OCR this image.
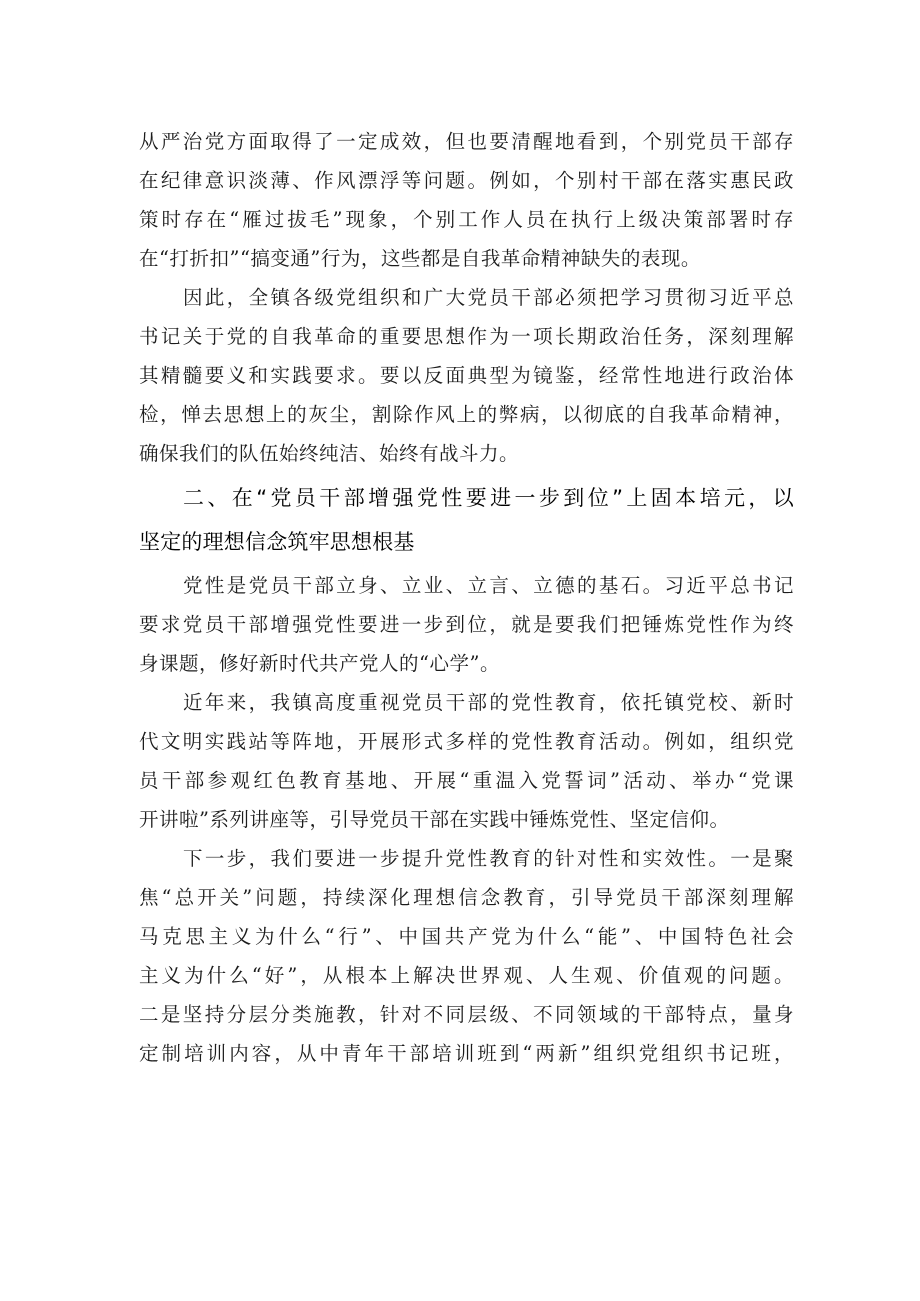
从严治党方面取得了一定成效，但也要清醒地看到，个别党员干部存
在纪律意识淡薄、作风漂浮等问题。例如，个别村干部在落实惠民政
策时存在“雁过拔毛”现象，个别工作人员在执行上级决策部署时存
在“打折扣”“搞变通”行为，这些都是自我革命精神缺失的表现。
因此，全镇各级党组织和广大党员干部必须把学习贯彻习近平总
书记关于党的自我革命的重要思想作为一项长期政治任务，深刻理解
其精髓要义和实践要求。要以反面典型为镜鉴，经常性地进行政治体
检，惮去思想上的灰尘，割除作风上的弊病，以彻底的自我革命精神，
确保我们的队伍始终纯洁、始终有战斗力。
二、在“党员干部增强党性要进一步到位”上固本培元，以
坚定的理想信念筑牢思想根基
党性是党员干部立身、立业、立言、立德的基石。习近平总书记
要求党员干部增强党性要进一步到位，就是要我们把锤炼党性作为终
身课题，修好新时代共产党人的“心学”。
近年来，我镇高度重视党员干部的党性教育，依托镇党校、新时
代文明实践站等阵地，开展形式多样的党性教育活动。例如，组织党
员干部参观红色教育基地、开展“重温入党誓词”活动、举办“党课
开讲啦”系列讲座等，引导党员干部在实践中锤炼党性、坚定信仰。
下一步，我们要进一步提升党性教育的针对性和实效性。一是聚
焦“总开关”问题，持续深化理想信念教育，引导党员干部深刻理解
马克思主义为什么“行”、中国共产党为什么“能”、中国特色社会
主义为什么“好”，从根本上解决世界观、人生观、价值观的问题。
二是坚持分层分类施教，针对不同层级、不同领域的干部特点，量身
定制培训内容，从中青年干部培训班到“两新”组织党组织书记班，
